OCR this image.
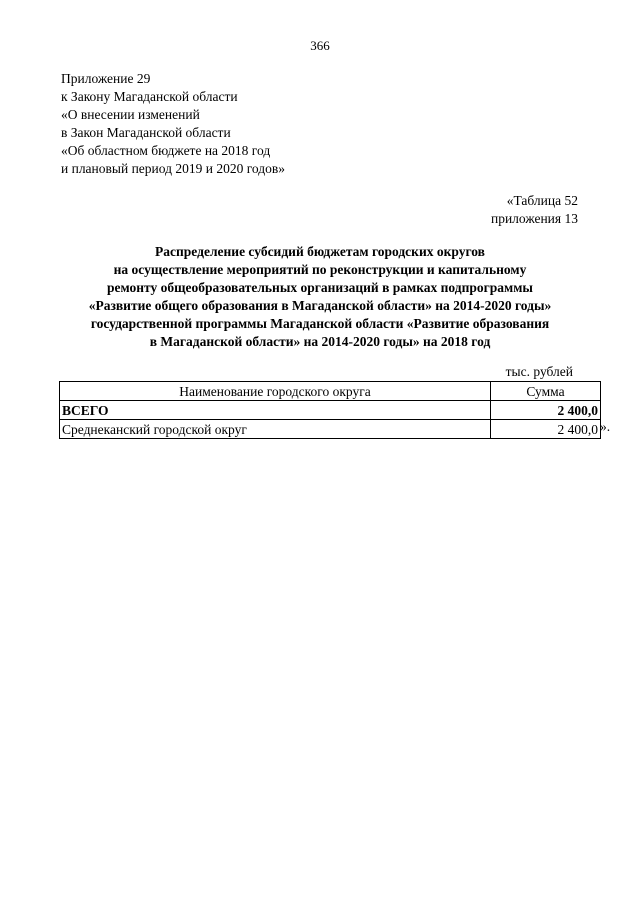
366
Приложение 29
к Закону Магаданской области
«О внесении изменений
в Закон Магаданской области
«Об областном бюджете на 2018 год
и плановый период 2019 и 2020 годов»
«Таблица 52
приложения 13
Распределение субсидий бюджетам городских округов
на осуществление мероприятий по реконструкции и капитальному
ремонту общеобразовательных организаций в рамках подпрограммы
«Развитие общего образования в Магаданской области» на 2014-2020 годы»
государственной программы Магаданской области «Развитие образования
в Магаданской области» на 2014-2020 годы» на 2018 год
тыс. рублей
Наименование городского округа	Сумма
ВСЕГО	2 400,0
Среднеканский городской округ	2 400,0 ».
